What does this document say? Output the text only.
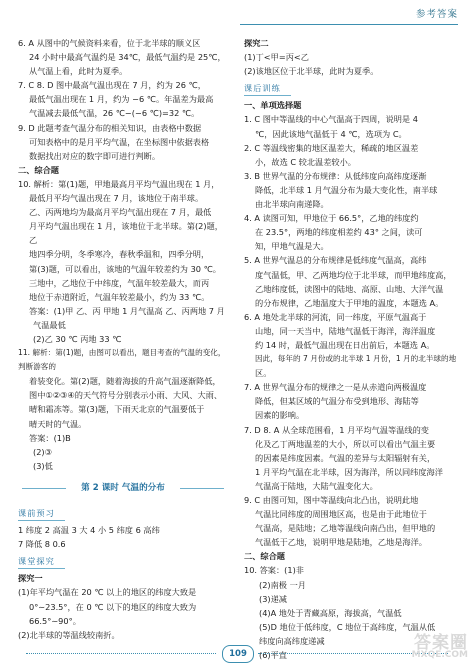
参考答案

6. A 从图中的气候资料来看，位于北半球的顺义区

24 小时中最高气温约是 34℃，最低气温约是 25℃，

从气温上看，此时为夏季。

7. C 8. D 图中最高气温出现在 7 月，约为 26 ℃，

最低气温出现在 1 月，约为 −6 ℃。年温差为最高

气温减去最低气温，26 ℃−(−6 ℃)=32 ℃。

9. D 此题考查气温分布的相关知识，由表格中数据

可知表格中的是月平均气温，在坐标图中依据表格

数据找出对应的数字即可进行判断。

二、综合题

10. 解析：第(1)题，甲地最高月平均气温出现在 1 月，

最低月平均气温出现在 7 月，该地位于南半球。

乙、丙两地均为最高月平均气温出现在 7 月，最低

月平均气温出现在 1 月，该地位于北半球。第(2)题，乙

地四季分明，冬季寒冷，春秋季温和，四季分明，

第(3)题，可以看出，该地的气温年较差约为 30 ℃。

三地中，乙地位于中纬度，气温年较差最大，而丙

地位于赤道附近，气温年较差最小，约为 33 ℃。

答案：(1)甲 乙、丙 甲地 1 月气温高 乙、丙两地 7 月

气温最低

(2)乙 30 ℃ 丙地 33 ℃

11. 解析：第(1)题，由图可以看出，题目考查的气温的变化，判断游客的

着装变化。第(2)题，随着海拔的升高气温逐渐降低，

图中①②③④的天气符号分别表示小雨、大风、大雨、

晴和霜冻等。第(3)题，下雨天北京的气温要低于

晴天时的气温。

答案：(1)B

(2)③

(3)低

第 2 课时 气温的分布
课前预习

1 纬度 2 高温 3 大 4 小 5 纬度 6 高纬

7 降低 8 0.6

课堂探究

探究一

(1)年平均气温在 20 ℃ 以上的地区的纬度大致是

0°∼23.5°，在 0 ℃ 以下的地区的纬度大致为

66.5°∼90°。

(2)北半球的等温线较南折。

探究二

(1)丁<甲=丙<乙

(2)该地区位于北半球，此时为夏季。

课后训练

一、单项选择题

1. C 图中等温线的中心气温高于四周，说明是 4

℃，因此该地气温低于 4 ℃，选项为 C。

2. C 等温线密集的地区温差大，稀疏的地区温差

小，故选 C 较北温差较小。

3. B 世界气温的分布规律：从低纬度向高纬度逐渐

降低，北半球 1 月气温分布为最大变化性，南半球

由北半球向南递降。

4. A 读图可知，甲地位于 66.5°，乙地的纬度约

在 23.5°，两地的纬度相差约 43° 之间，读可

知，甲地气温是大。

5. A 世界气温总的分布规律是低纬度气温高，高纬

度气温低，甲、乙两地均位于北半球，而甲地纬度高，

乙地纬度低，读图中的陆地、高原、山地、大洋气温

的分布规律，乙地温度大于甲地的温度，本题选 A。

6. A 地处北半球的河流，同一纬度，平原气温高于

山地，同一天当中，陆地气温低于海洋，海洋温度

约 14 时，最低气温出现在日出前后，本题选 A。

因此，每年的 7 月份或的北半球 1 月份，1 月的北半球的地

区。

7. A 世界气温分布的规律之一是从赤道向两极温度

降低，但某区域的气温分布受到地形、海陆等

因素的影响。

7. D 8. A 从全球范围看，1 月平均气温等温线的变

化及乙丁两地温差的大小，所以可以看出气温主要

的因素是纬度因素。气温的差异与太阳辐射有关，

1 月平均气温在北半球，因为海洋，所以同纬度海洋

气温高于陆地，大陆气温变化大。

9. C 由图可知，图中等温线向北凸出，说明此地

气温比同纬度的周围地区高，也是由于此地位于

气温高，是陆地；乙地等温线向南凸出，但甲地的

气温低于乙地，说明甲地是陆地，乙地是海洋。

二、综合题

10. 答案：(1)非

(2)南极 一月

(3)递减

(4)A 地处于青藏高原，海拔高，气温低

(5)D 地位于低纬度，C 地位于高纬度，气温从低

纬度向高纬度递减

(6)平直

109
答案圈
MXQE.COM
